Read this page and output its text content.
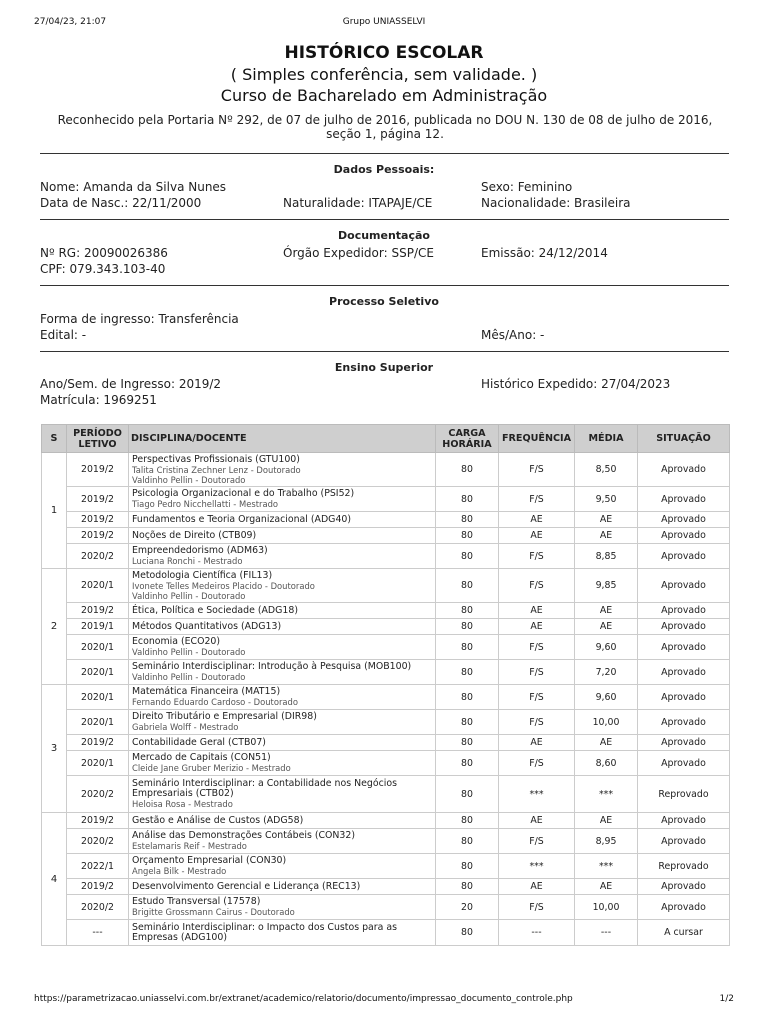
27/04/23, 21:07	Grupo UNIASSELVI
HISTÓRICO ESCOLAR
( Simples conferência, sem validade. )
Curso de Bacharelado em Administração
Reconhecido pela Portaria Nº 292, de 07 de julho de 2016, publicada no DOU N. 130 de 08 de julho de 2016, seção 1, página 12.
Dados Pessoais:
Nome: Amanda da Silva Nunes	Sexo: Feminino
Data de Nasc.: 22/11/2000	Naturalidade: ITAPAJE/CE	Nacionalidade: Brasileira
Documentação
Nº RG: 20090026386	Órgão Expedidor: SSP/CE	Emissão: 24/12/2014
CPF: 079.343.103-40
Processo Seletivo
Forma de ingresso: Transferência
Edital: -	Mês/Ano: -
Ensino Superior
Ano/Sem. de Ingresso: 2019/2	Histórico Expedido: 27/04/2023
Matrícula: 1969251
S	PERÍODO LETIVO	DISCIPLINA/DOCENTE	CARGA HORÁRIA	FREQUÊNCIA	MÉDIA	SITUAÇÃO
1	2019/2	Perspectivas Profissionais (GTU100)
Talita Cristina Zechner Lenz - Doutorado
Valdinho Pellin - Doutorado	80	F/S	8,50	Aprovado
	2019/2	Psicologia Organizacional e do Trabalho (PSI52)
Tiago Pedro Nicchellatti - Mestrado	80	F/S	9,50	Aprovado
	2019/2	Fundamentos e Teoria Organizacional (ADG40)	80	AE	AE	Aprovado
	2019/2	Noções de Direito (CTB09)	80	AE	AE	Aprovado
	2020/2	Empreendedorismo (ADM63)
Luciana Ronchi - Mestrado	80	F/S	8,85	Aprovado
2	2020/1	Metodologia Científica (FIL13)
Ivonete Telles Medeiros Placido - Doutorado
Valdinho Pellin - Doutorado	80	F/S	9,85	Aprovado
	2019/2	Ética, Política e Sociedade (ADG18)	80	AE	AE	Aprovado
	2019/1	Métodos Quantitativos (ADG13)	80	AE	AE	Aprovado
	2020/1	Economia (ECO20)
Valdinho Pellin - Doutorado	80	F/S	9,60	Aprovado
	2020/1	Seminário Interdisciplinar: Introdução à Pesquisa (MOB100)
Valdinho Pellin - Doutorado	80	F/S	7,20	Aprovado
3	2020/1	Matemática Financeira (MAT15)
Fernando Eduardo Cardoso - Doutorado	80	F/S	9,60	Aprovado
	2020/1	Direito Tributário e Empresarial (DIR98)
Gabriela Wolff - Mestrado	80	F/S	10,00	Aprovado
	2019/2	Contabilidade Geral (CTB07)	80	AE	AE	Aprovado
	2020/1	Mercado de Capitais (CON51)
Cleide Jane Gruber Merizio - Mestrado	80	F/S	8,60	Aprovado
	2020/2	Seminário Interdisciplinar: a Contabilidade nos Negócios Empresariais (CTB02)
Heloisa Rosa - Mestrado	80	***	***	Reprovado
4	2019/2	Gestão e Análise de Custos (ADG58)	80	AE	AE	Aprovado
	2020/2	Análise das Demonstrações Contábeis (CON32)
Estelamaris Reif - Mestrado	80	F/S	8,95	Aprovado
	2022/1	Orçamento Empresarial (CON30)
Angela Bilk - Mestrado	80	***	***	Reprovado
	2019/2	Desenvolvimento Gerencial e Liderança (REC13)	80	AE	AE	Aprovado
	2020/2	Estudo Transversal (17578)
Brigitte Grossmann Cairus - Doutorado	20	F/S	10,00	Aprovado
	---	Seminário Interdisciplinar: o Impacto dos Custos para as Empresas (ADG100)	80	---	---	A cursar
https://parametrizacao.uniasselvi.com.br/extranet/academico/relatorio/documento/impressao_documento_controle.php	1/2
